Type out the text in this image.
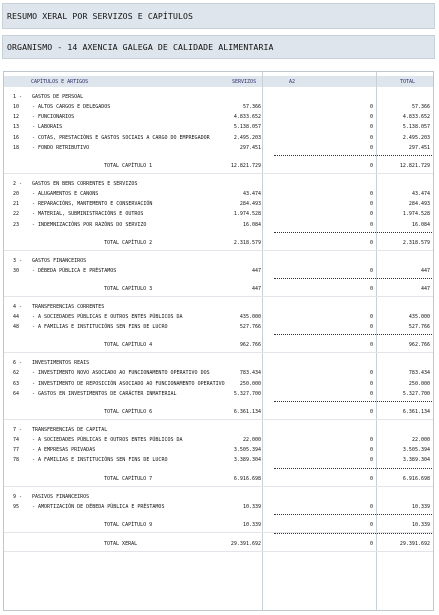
RESUMO XERAL POR SERVIZOS E CAPÍTULOS
ORGANISMO - 14 AXENCIA GALEGA DE CALIDADE ALIMENTARIA
CAPÍTULOS E ARTIGOS	SERVIZOS	A2	TOTAL
1 - GASTOS DE PERSOAL
10	- ALTOS CARGOS E DELEGADOS	57.366	0	57.366
12	- FUNCIONARIOS	4.833.652	0	4.833.652
13	- LABORAIS	5.138.057	0	5.138.057
16	- COTAS, PRESTACIÓNS E GASTOS SOCIAIS A CARGO DO EMPREGADOR	2.495.203	0	2.495.203
18	- FONDO RETRIBUTIVO	297.451	0	297.451
TOTAL CAPÍTULO 1	12.821.729	0	12.821.729
2 - GASTOS EN BENS CORRENTES E SERVIZOS
20	- ALUGAMENTOS E CANONS	43.474	0	43.474
21	- REPARACIÓNS, MANTEMENTO E CONSERVACIÓN	284.493	0	284.493
22	- MATERIAL, SUBMINISTRACIÓNS E OUTROS	1.974.528	0	1.974.528
23	- INDEMNIZACIÓNS POR RAZÓNS DO SERVIZO	16.084	0	16.084
TOTAL CAPÍTULO 2	2.318.579	0	2.318.579
3 - GASTOS FINANCEIROS
30	- DÉBEDA PÚBLICA E PRÉSTAMOS	447	0	447
TOTAL CAPÍTULO 3	447	0	447
4 - TRANSFERENCIAS CORRENTES
44	- A SOCIEDADES PÚBLICAS E OUTROS ENTES PÚBLICOS DA	435.000	0	435.000
48	- A FAMILIAS E INSTITUCIÓNS SEN FINS DE LUCRO	527.766	0	527.766
TOTAL CAPÍTULO 4	962.766	0	962.766
6 - INVESTIMENTOS REAIS
62	- INVESTIMENTO NOVO ASOCIADO AO FUNCIONAMENTO OPERATIVO DOS	783.434	0	783.434
63	- INVESTIMENTO DE REPOSICIÓN ASOCIADO AO FUNCIONAMENTO OPERATIVO	250.000	0	250.000
64	- GASTOS EN INVESTIMENTOS DE CARÁCTER INMATERIAL	5.327.700	0	5.327.700
TOTAL CAPÍTULO 6	6.361.134	0	6.361.134
7 - TRANSFERENCIAS DE CAPITAL
74	- A SOCIEDADES PÚBLICAS E OUTROS ENTES PÚBLICOS DA	22.000	0	22.000
77	- A EMPRESAS PRIVADAS	3.505.394	0	3.505.394
78	- A FAMILIAS E INSTITUCIÓNS SEN FINS DE LUCRO	3.389.304	0	3.389.304
TOTAL CAPÍTULO 7	6.916.698	0	6.916.698
9 - PASIVOS FINANCEIROS
95	- AMORTIZACIÓN DE DÉBEDA PÚBLICA E PRÉSTAMOS	10.339	0	10.339
TOTAL CAPÍTULO 9	10.339	0	10.339
TOTAL XERAL	29.391.692	0	29.391.692
